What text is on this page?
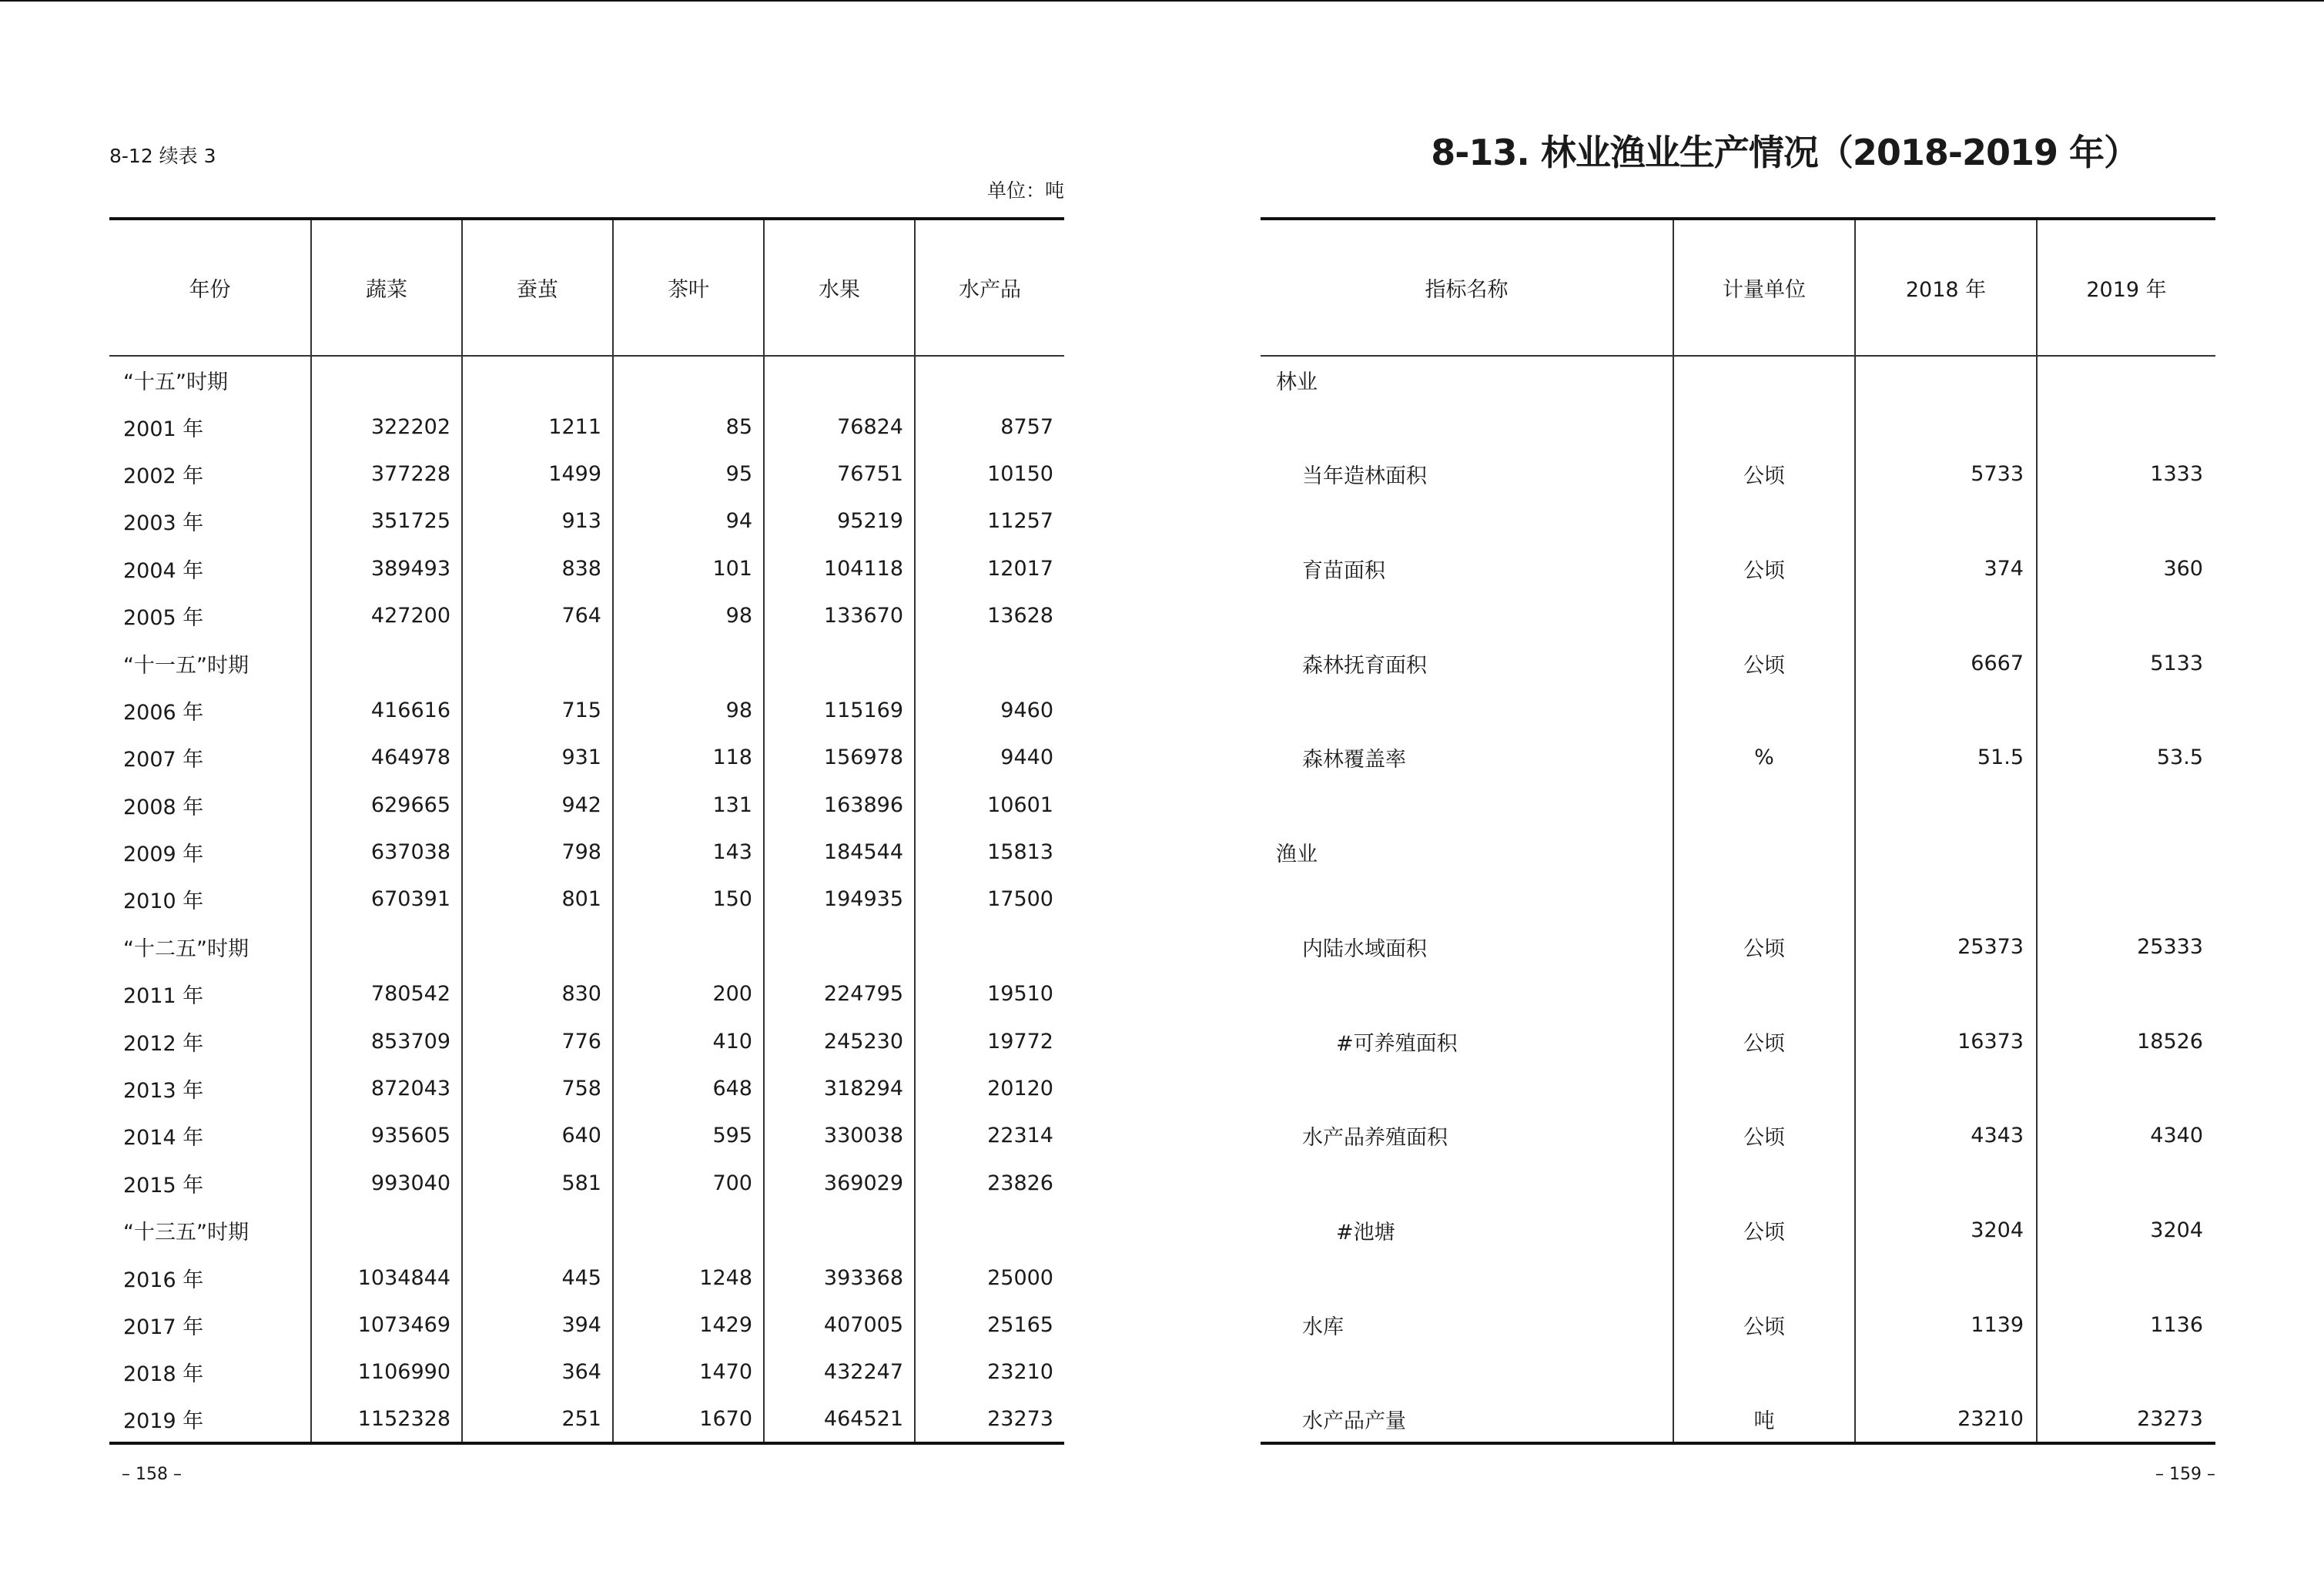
8-12 续表 3
单位：吨
年份	蔬菜	蚕茧	茶叶	水果	水产品
“十五”时期					
2001 年	322202	1211	85	76824	8757
2002 年	377228	1499	95	76751	10150
2003 年	351725	913	94	95219	11257
2004 年	389493	838	101	104118	12017
2005 年	427200	764	98	133670	13628
“十一五”时期					
2006 年	416616	715	98	115169	9460
2007 年	464978	931	118	156978	9440
2008 年	629665	942	131	163896	10601
2009 年	637038	798	143	184544	15813
2010 年	670391	801	150	194935	17500
“十二五”时期					
2011 年	780542	830	200	224795	19510
2012 年	853709	776	410	245230	19772
2013 年	872043	758	648	318294	20120
2014 年	935605	640	595	330038	22314
2015 年	993040	581	700	369029	23826
“十三五”时期					
2016 年	1034844	445	1248	393368	25000
2017 年	1073469	394	1429	407005	25165
2018 年	1106990	364	1470	432247	23210
2019 年	1152328	251	1670	464521	23273
– 158 –
8-13. 林业渔业生产情况（2018-2019 年）
指标名称	计量单位	2018 年	2019 年
林业			

当年造林面积	公顷	5733	1333

育苗面积	公顷	374	360

森林抚育面积	公顷	6667	5133

森林覆盖率	%	51.5	53.5

渔业			

内陆水域面积	公顷	25373	25333

#可养殖面积	公顷	16373	18526

水产品养殖面积	公顷	4343	4340

#池塘	公顷	3204	3204

水库	公顷	1139	1136

水产品产量	吨	23210	23273
– 159 –
